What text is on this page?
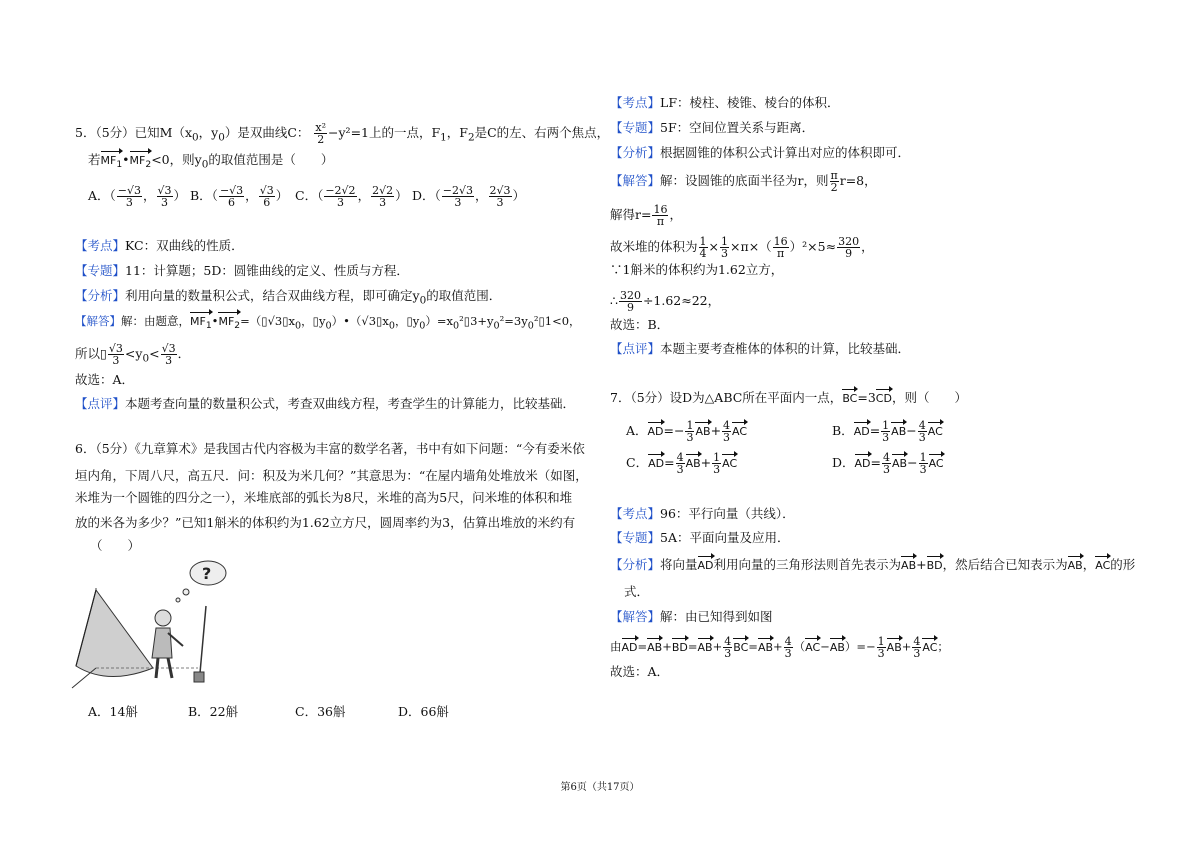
5．（5分）已知$M(x_0$，$y_0$）是双曲线C： $\frac{\text{x²}}{2} -y^2=1$上的一点，$F_1$，$F_2$是C的左、右两个焦点，
若$MF_1•MF_2<0$，则$y_0$的取值范围是（　　）
A．（ $\frac{-√3}{3}$ ， $\frac{√3}{3}$ ） B．（ $\frac{-√3}{6}$ ， $\frac{√3}{6}$ ） C．（ $\frac{-2√2}{3}$ ， $\frac{2√2}{3}$ ） D．（ $\frac{-2√3}{3}$ ， $\frac{2√3}{3}$ ）
【考点】KC：双曲线的性质．
【专题】11：计算题；5D：圆锥曲线的定义、性质与方程．
【分析】利用向量的数量积公式，结合双曲线方程，即可确定$y_0$的取值范围．
【解答】解：由题意，$MF_1•MF_2=(▯√3▯x_0$，$▯y_0)•(√3▯x_0$，$▯y_0)=x_0^2▯3+y_0^2=3y_0^2▯1<0$，
所以▯ $\frac{√3}{3} <y_0< \frac{√3}{3}$ ．
故选：A．
【点评】本题考查向量的数量积公式，考查双曲线方程，考查学生的计算能力，比较基础．
6．（5分）《九章算术》是我国古代内容极为丰富的数学名著，书中有如下问题：“今有委米依
垣内角，下周八尺，高五尺．问：积及为米几何？”其意思为：“在屋内墙角处堆放米（如图，
米堆为一个圆锥的四分之一），米堆底部的弧长为8尺，米堆的高为5尺，问米堆的体积和堆
放的米各为多少？”已知1斛米的体积约为1.62立方尺，圆周率约为3，估算出堆放的米约有
（　　）
?
A．14斛	B．22斛	C．36斛	D．66斛
【考点】LF：棱柱、棱锥、棱台的体积．
【专题】5F：空间位置关系与距离．
【分析】根据圆锥的体积公式计算出对应的体积即可．
【解答】解：设圆锥的底面半径为r，则 $\frac{\pi}{2} r=8$，
解得$r= \frac{16}{\pi}$ ，
故米堆的体积为 $\frac{1}{4} \times \frac{1}{3} \times\pi\times( \frac{16}{\pi} )^2\times 5\approx \frac{320}{9}$ ，
∵1斛米的体积约为1.62立方，
∴ $\frac{320}{9} \div 1.62\approx 22$，
故选：B．
【点评】本题主要考查椎体的体积的计算，比较基础．
7．（5分）设D为△ABC所在平面内一点，BC=3CD，则（　　）
A．$AD=- \frac{1}{3} AB+ \frac{4}{3}$ AC	B．$AD= \frac{1}{3} AB- \frac{4}{3}$ AC
C．$AD= \frac{4}{3} AB+ \frac{1}{3}$ AC	D．$AD= \frac{4}{3} AB- \frac{1}{3}$ AC
【考点】96：平行向量（共线）．
【专题】5A：平面向量及应用．
【分析】将向量AD利用向量的三角形法则首先表示为AB+BD，然后结合已知表示为AB，AC的形
式．
【解答】解：由已知得到如图
由$AD=AB+BD=AB+ \frac{4}{3} BC=AB+ \frac{4}{3} (AC-AB)=- \frac{1}{3} AB+ \frac{4}{3}$ AC；
故选：A．
第6页（共17页）
